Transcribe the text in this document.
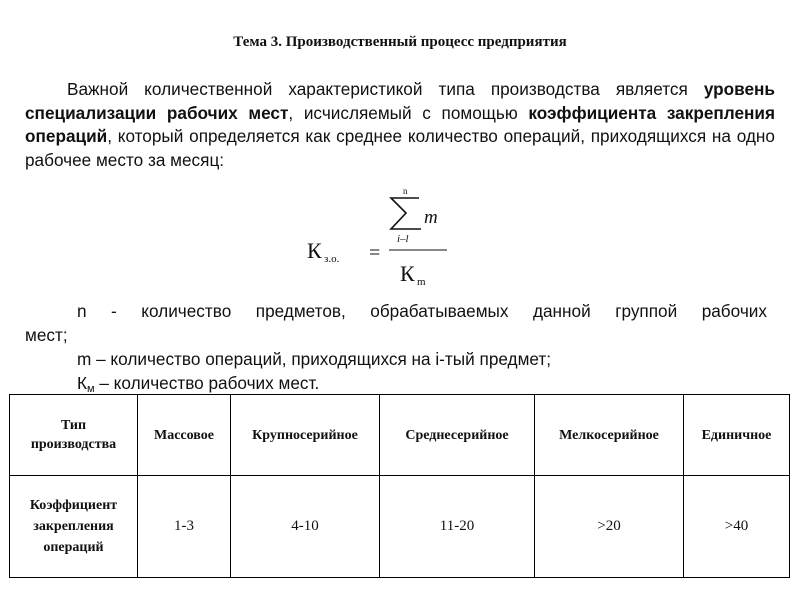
Тема 3. Производственный процесс предприятия
Важной количественной характеристикой типа производства является уровень специализации рабочих мест, исчисляемый с помощью коэффициента закрепления операций, который определяется как среднее количество операций, приходящихся на одно рабочее место за месяц:
К з.о. =
n
i–l
m
К m
n - количество предметов, обрабатываемых данной группой рабочих
мест;
m – количество операций, приходящихся на i-тый предмет;
$К_м$ – количество рабочих мест.
Тип
производства	Массовое	Крупносерийное	Среднесерийное	Мелкосерийное	Единичное
Коэффициент
закрепления
операций	1-3	4-10	11-20	>20	>40
